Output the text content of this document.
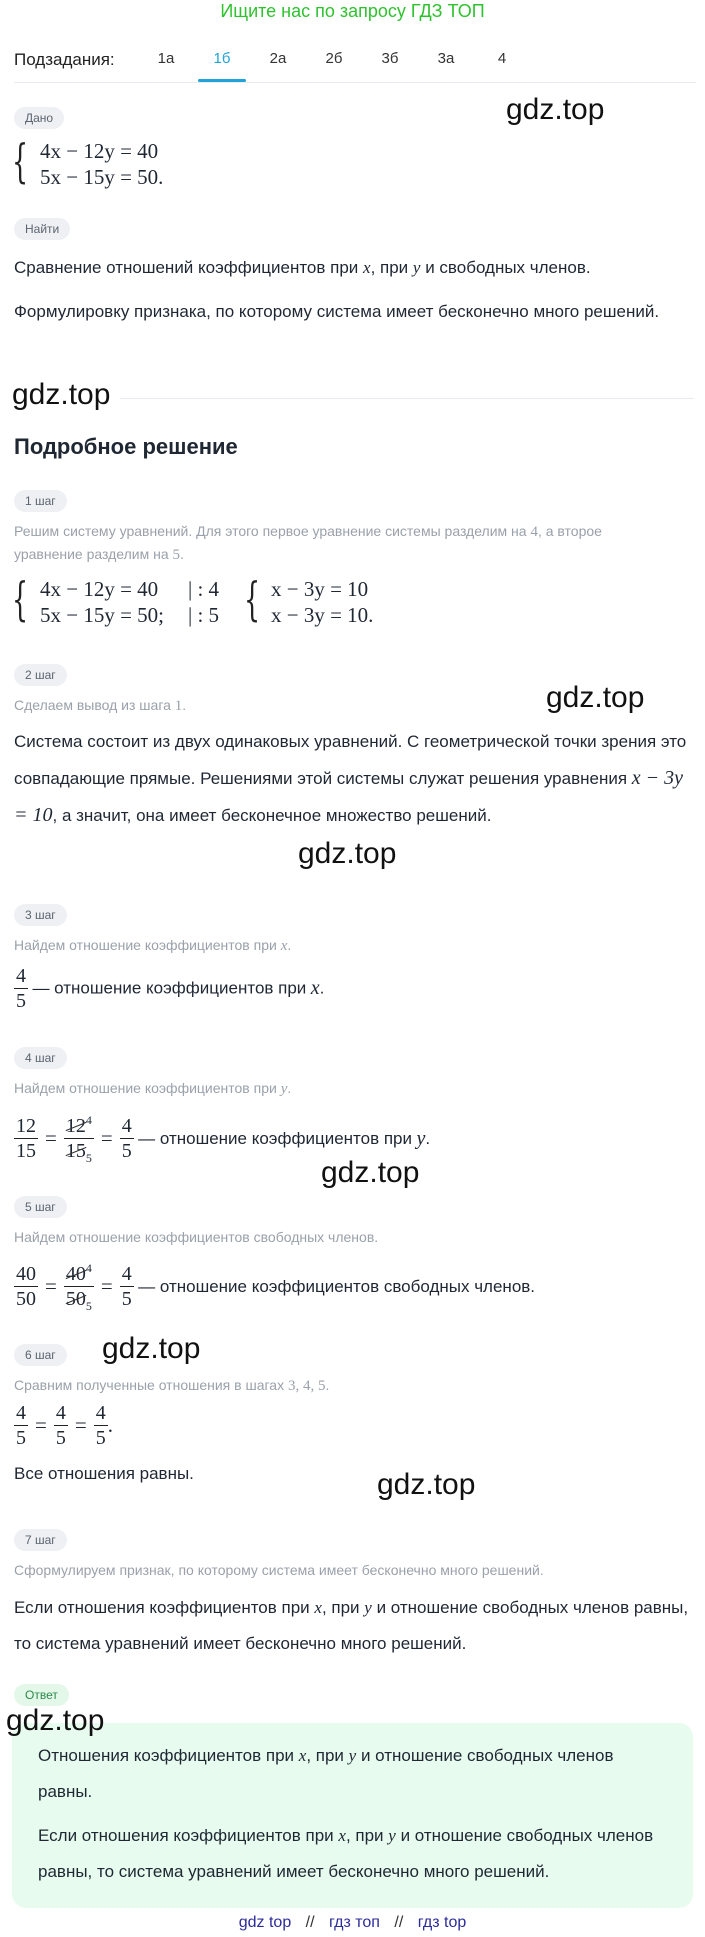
Ищите нас по запросу ГДЗ ТОП
Подзадания:	1а	1б	2а	2б	3б	3а	4
Дано	gdz.top
{ 4x − 12y = 40
5x − 15y = 50.
Найти
Сравнение отношений коэффициентов при x, при y и свободных членов.
Формулировку признака, по которому система имеет бесконечно много решений.
gdz.top
Подробное решение
1 шаг
Решим систему уравнений. Для этого первое уравнение системы разделим на 4, а второе уравнение разделим на 5.
{ 4x − 12y = 40
5x − 15y = 50;
| : 4
| : 5 { x − 3y = 10
x − 3y = 10.
2 шаг
Сделаем вывод из шага 1.	gdz.top
Система состоит из двух одинаковых уравнений. С геометрической точки зрения это совпадающие прямые. Решениями этой системы служат решения уравнения x − 3y = 10, а значит, она имеет бесконечное множество решений.
gdz.top
3 шаг
Найдем отношение коэффициентов при x.
$\frac{4}{5}$ — отношение коэффициентов при x.
4 шаг
Найдем отношение коэффициентов при y.
$\frac{12}{15} = \frac{12^4}{15_5} = \frac{4}{5}$ — отношение коэффициентов при y.
gdz.top
5 шаг
Найдем отношение коэффициентов свободных членов.
$\frac{40}{50} = \frac{40^4}{50_5} = \frac{4}{5}$ — отношение коэффициентов свободных членов.
6 шаг	gdz.top
Сравним полученные отношения в шагах 3, 4, 5.
$\frac{4}{5} = \frac{4}{5} = \frac{4}{5}$ .
Все отношения равны.	gdz.top
7 шаг
Сформулируем признак, по которому система имеет бесконечно много решений.
Если отношения коэффициентов при x, при y и отношение свободных членов равны, то система уравнений имеет бесконечно много решений.
Ответ
gdz.top
Отношения коэффициентов при x, при y и отношение свободных членов равны.
Если отношения коэффициентов при x, при y и отношение свободных членов равны, то система уравнений имеет бесконечно много решений.
gdz top // гдз топ // гдз top
